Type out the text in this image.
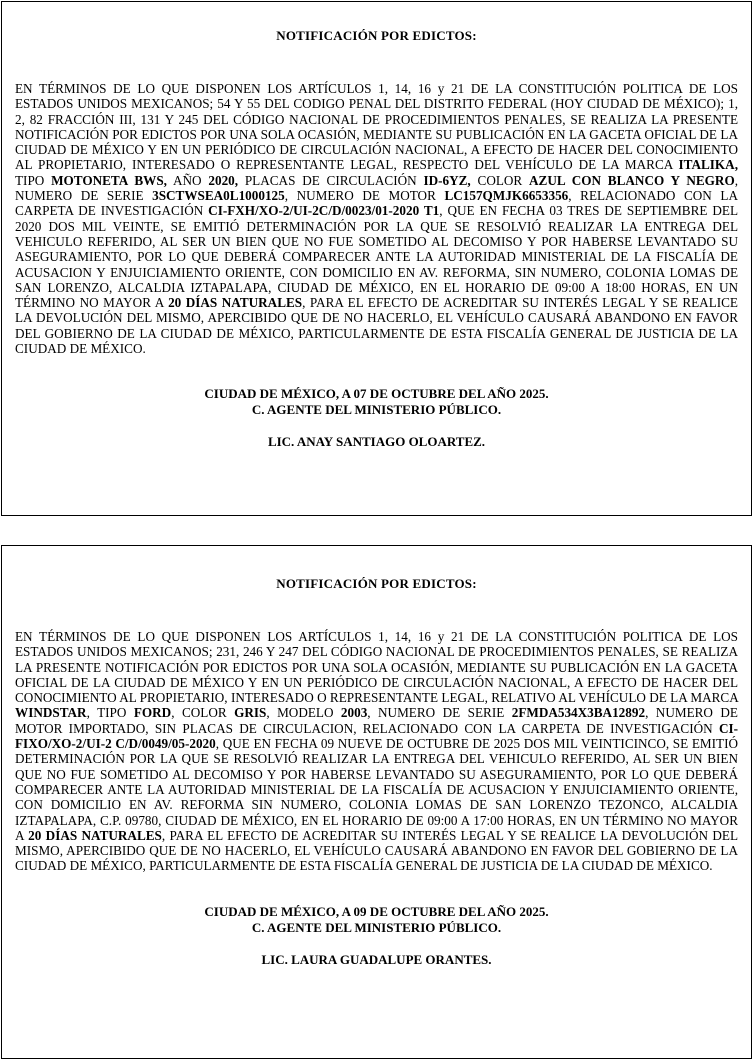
NOTIFICACIÓN POR EDICTOS:
EN TÉRMINOS DE LO QUE DISPONEN LOS ARTÍCULOS 1, 14, 16 y 21 DE LA CONSTITUCIÓN POLITICA DE LOS ESTADOS UNIDOS MEXICANOS; 54 Y 55 DEL CODIGO PENAL DEL DISTRITO FEDERAL (HOY CIUDAD DE MÉXICO); 1, 2, 82 FRACCIÓN III, 131 Y 245 DEL CÓDIGO NACIONAL DE PROCEDIMIENTOS PENALES, SE REALIZA LA PRESENTE NOTIFICACIÓN POR EDICTOS POR UNA SOLA OCASIÓN, MEDIANTE SU PUBLICACIÓN EN LA GACETA OFICIAL DE LA CIUDAD DE MÉXICO Y EN UN PERIÓDICO DE CIRCULACIÓN NACIONAL, A EFECTO DE HACER DEL CONOCIMIENTO AL PROPIETARIO, INTERESADO O REPRESENTANTE LEGAL, RESPECTO DEL VEHÍCULO DE LA MARCA ITALIKA, TIPO MOTONETA BWS, AÑO 2020, PLACAS DE CIRCULACIÓN ID-6YZ, COLOR AZUL CON BLANCO Y NEGRO, NUMERO DE SERIE 3SCTWSEA0L1000125, NUMERO DE MOTOR LC157QMJK6653356, RELACIONADO CON LA CARPETA DE INVESTIGACIÓN CI-FXH/XO-2/UI-2C/D/0023/01-2020 T1, QUE EN FECHA 03 TRES DE SEPTIEMBRE DEL 2020 DOS MIL VEINTE, SE EMITIÓ DETERMINACIÓN POR LA QUE SE RESOLVIÓ REALIZAR LA ENTREGA DEL VEHICULO REFERIDO, AL SER UN BIEN QUE NO FUE SOMETIDO AL DECOMISO Y POR HABERSE LEVANTADO SU ASEGURAMIENTO, POR LO QUE DEBERÁ COMPARECER ANTE LA AUTORIDAD MINISTERIAL DE LA FISCALÍA DE ACUSACION Y ENJUICIAMIENTO ORIENTE, CON DOMICILIO EN AV. REFORMA, SIN NUMERO, COLONIA LOMAS DE SAN LORENZO, ALCALDIA IZTAPALAPA, CIUDAD DE MÉXICO, EN EL HORARIO DE 09:00 A 18:00 HORAS, EN UN TÉRMINO NO MAYOR A 20 DÍAS NATURALES, PARA EL EFECTO DE ACREDITAR SU INTERÉS LEGAL Y SE REALICE LA DEVOLUCIÓN DEL MISMO, APERCIBIDO QUE DE NO HACERLO, EL VEHÍCULO CAUSARÁ ABANDONO EN FAVOR DEL GOBIERNO DE LA CIUDAD DE MÉXICO, PARTICULARMENTE DE ESTA FISCALÍA GENERAL DE JUSTICIA DE LA CIUDAD DE MÉXICO.
CIUDAD DE MÉXICO, A 07 DE OCTUBRE DEL AÑO 2025.
C. AGENTE DEL MINISTERIO PÚBLICO.
LIC. ANAY SANTIAGO OLOARTEZ.
NOTIFICACIÓN POR EDICTOS:
EN TÉRMINOS DE LO QUE DISPONEN LOS ARTÍCULOS 1, 14, 16 y 21 DE LA CONSTITUCIÓN POLITICA DE LOS ESTADOS UNIDOS MEXICANOS; 231, 246 Y 247 DEL CÓDIGO NACIONAL DE PROCEDIMIENTOS PENALES, SE REALIZA LA PRESENTE NOTIFICACIÓN POR EDICTOS POR UNA SOLA OCASIÓN, MEDIANTE SU PUBLICACIÓN EN LA GACETA OFICIAL DE LA CIUDAD DE MÉXICO Y EN UN PERIÓDICO DE CIRCULACIÓN NACIONAL, A EFECTO DE HACER DEL CONOCIMIENTO AL PROPIETARIO, INTERESADO O REPRESENTANTE LEGAL, RELATIVO AL VEHÍCULO DE LA MARCA WINDSTAR, TIPO FORD, COLOR GRIS, MODELO 2003, NUMERO DE SERIE 2FMDA534X3BA12892, NUMERO DE MOTOR IMPORTADO, SIN PLACAS DE CIRCULACION, RELACIONADO CON LA CARPETA DE INVESTIGACIÓN CI-FIXO/XO-2/UI-2 C/D/0049/05-2020, QUE EN FECHA 09 NUEVE DE OCTUBRE DE 2025 DOS MIL VEINTICINCO, SE EMITIÓ DETERMINACIÓN POR LA QUE SE RESOLVIÓ REALIZAR LA ENTREGA DEL VEHICULO REFERIDO, AL SER UN BIEN QUE NO FUE SOMETIDO AL DECOMISO Y POR HABERSE LEVANTADO SU ASEGURAMIENTO, POR LO QUE DEBERÁ COMPARECER ANTE LA AUTORIDAD MINISTERIAL DE LA FISCALÍA DE ACUSACION Y ENJUICIAMIENTO ORIENTE, CON DOMICILIO EN AV. REFORMA SIN NUMERO, COLONIA LOMAS DE SAN LORENZO TEZONCO, ALCALDIA IZTAPALAPA, C.P. 09780, CIUDAD DE MÉXICO, EN EL HORARIO DE 09:00 A 17:00 HORAS, EN UN TÉRMINO NO MAYOR A 20 DÍAS NATURALES, PARA EL EFECTO DE ACREDITAR SU INTERÉS LEGAL Y SE REALICE LA DEVOLUCIÓN DEL MISMO, APERCIBIDO QUE DE NO HACERLO, EL VEHÍCULO CAUSARÁ ABANDONO EN FAVOR DEL GOBIERNO DE LA CIUDAD DE MÉXICO, PARTICULARMENTE DE ESTA FISCALÍA GENERAL DE JUSTICIA DE LA CIUDAD DE MÉXICO.
CIUDAD DE MÉXICO, A 09 DE OCTUBRE DEL AÑO 2025.
C. AGENTE DEL MINISTERIO PÚBLICO.
LIC. LAURA GUADALUPE ORANTES.
